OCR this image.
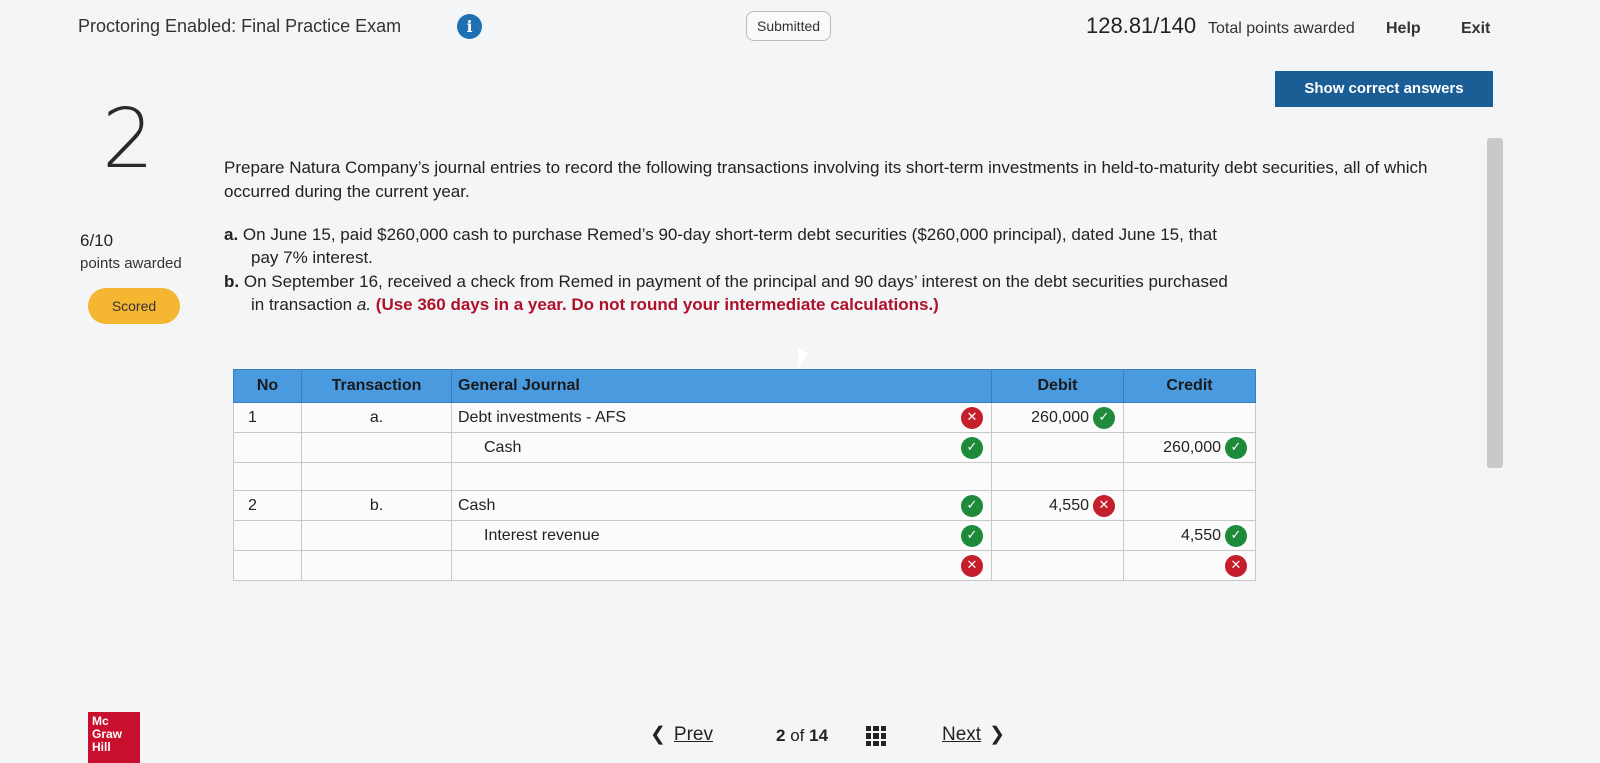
Proctoring Enabled: Final Practice Exam	i	Submitted	128.81/140 Total points awarded Help	Exit
Show correct answers
2
6/10
points awarded
Scored
Prepare Natura Company’s journal entries to record the following transactions involving its short-term investments in held-to-maturity debt securities, all of which occurred during the current year.
a. On June 15, paid $260,000 cash to purchase Remed’s 90-day short-term debt securities ($260,000 principal), dated June 15, that
pay 7% interest.
b. On September 16, received a check from Remed in payment of the principal and 90 days’ interest on the debt securities purchased
in transaction a. (Use 360 days in a year. Do not round your intermediate calculations.)
No	Transaction	General Journal	Debit	Credit
1	a.	Debt investments - AFS ✕	260,000 ✓	

		Cash ✓		260,000 ✓

2	b.	Cash ✓	4,550 ✕	

		Interest revenue ✓		4,550 ✓

		✕		✕
Mc
Graw
Hill
❮ Prev	2 of 14	Next ❯
